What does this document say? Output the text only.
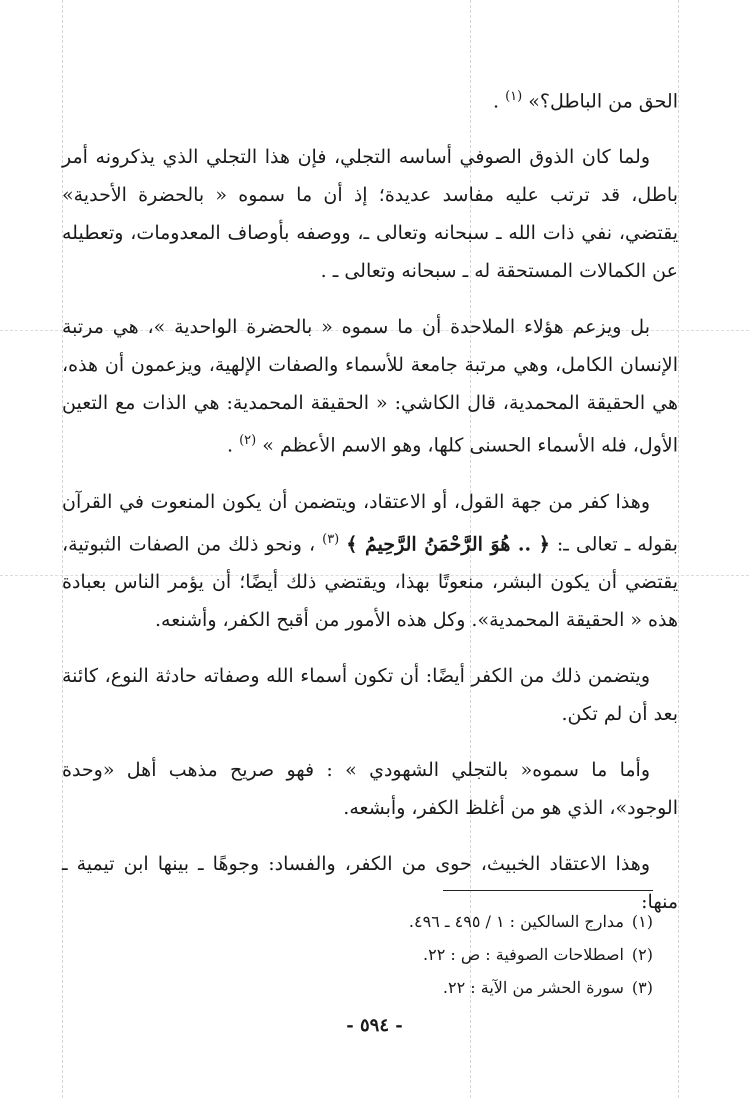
الحق من الباطل؟» $^{(١)}$ .

ولما كان الذوق الصوفي أساسه التجلي، فإن هذا التجلي الذي يذكرونه أمر باطل، قد ترتب عليه مفاسد عديدة؛ إذ أن ما سموه « بالحضرة الأحدية» يقتضي، نفي ذات الله ـ سبحانه وتعالى ـ، ووصفه بأوصاف المعدومات، وتعطيله عن الكمالات المستحقة له ـ سبحانه وتعالى ـ .

بل ويزعم هؤلاء الملاحدة أن ما سموه « بالحضرة الواحدية »، هي مرتبة الإنسان الكامل، وهي مرتبة جامعة للأسماء والصفات الإلهية، ويزعمون أن هذه، هي الحقيقة المحمدية، قال الكاشي: « الحقيقة المحمدية: هي الذات مع التعين الأول، فله الأسماء الحسنى كلها، وهو الاسم الأعظم » $^{(٢)}$ .

وهذا كفر من جهة القول، أو الاعتقاد، ويتضمن أن يكون المنعوت في القرآن بقوله ـ تعالى ـ: ﴿ .. هُوَ الرَّحْمَنُ الرَّحِيمُ ﴾ $^{(٣)}$ ، ونحو ذلك من الصفات الثبوتية، يقتضي أن يكون البشر، منعوتًا بهذا، ويقتضي ذلك أيضًا؛ أن يؤمر الناس بعبادة هذه « الحقيقة المحمدية». وكل هذه الأمور من أقبح الكفر، وأشنعه.

ويتضمن ذلك من الكفر أيضًا: أن تكون أسماء الله وصفاته حادثة النوع، كائنة بعد أن لم تكن.

وأما ما سموه« بالتجلي الشهودي » : فهو صريح مذهب أهل «وحدة الوجود»، الذي هو من أغلظ الكفر، وأبشعه.

وهذا الاعتقاد الخبيث، حوى من الكفر، والفساد: وجوهًا ـ بينها ابن تيمية ـ منها:

(١)مدارج السالكين : ١ / ٤٩٥ ـ ٤٩٦.
(٢)اصطلاحات الصوفية : ص : ٢٢.
(٣)سورة الحشر من الآية : ٢٢.
- ٥٩٤ -
